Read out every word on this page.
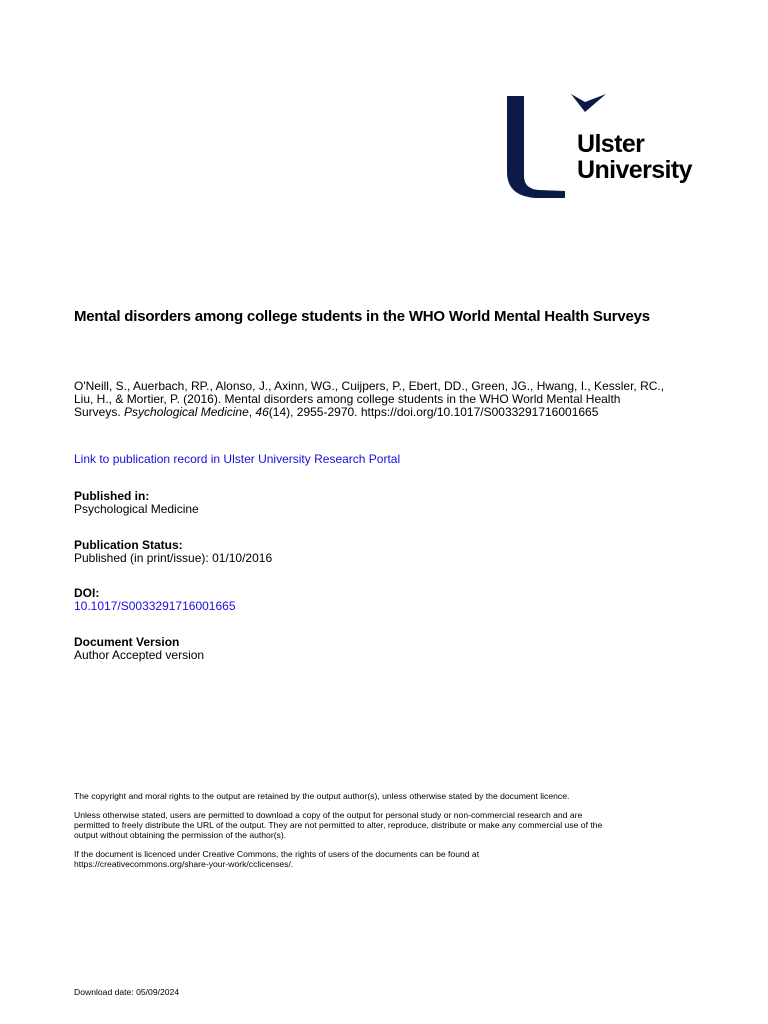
Ulster
University
Mental disorders among college students in the WHO World Mental Health Surveys
O'Neill, S., Auerbach, RP., Alonso, J., Axinn, WG., Cuijpers, P., Ebert, DD., Green, JG., Hwang, I., Kessler, RC.,
Liu, H., & Mortier, P. (2016). Mental disorders among college students in the WHO World Mental Health
Surveys. Psychological Medicine, 46(14), 2955-2970. https://doi.org/10.1017/S0033291716001665
Link to publication record in Ulster University Research Portal
Published in:
Psychological Medicine
Publication Status:
Published (in print/issue): 01/10/2016
DOI:
10.1017/S0033291716001665
Document Version
Author Accepted version

The copyright and moral rights to the output are retained by the output author(s), unless otherwise stated by the document licence.

Unless otherwise stated, users are permitted to download a copy of the output for personal study or non-commercial research and are
permitted to freely distribute the URL of the output. They are not permitted to alter, reproduce, distribute or make any commercial use of the
output without obtaining the permission of the author(s).

If the document is licenced under Creative Commons, the rights of users of the documents can be found at
https://creativecommons.org/share-your-work/cclicenses/.

Download date: 05/09/2024
